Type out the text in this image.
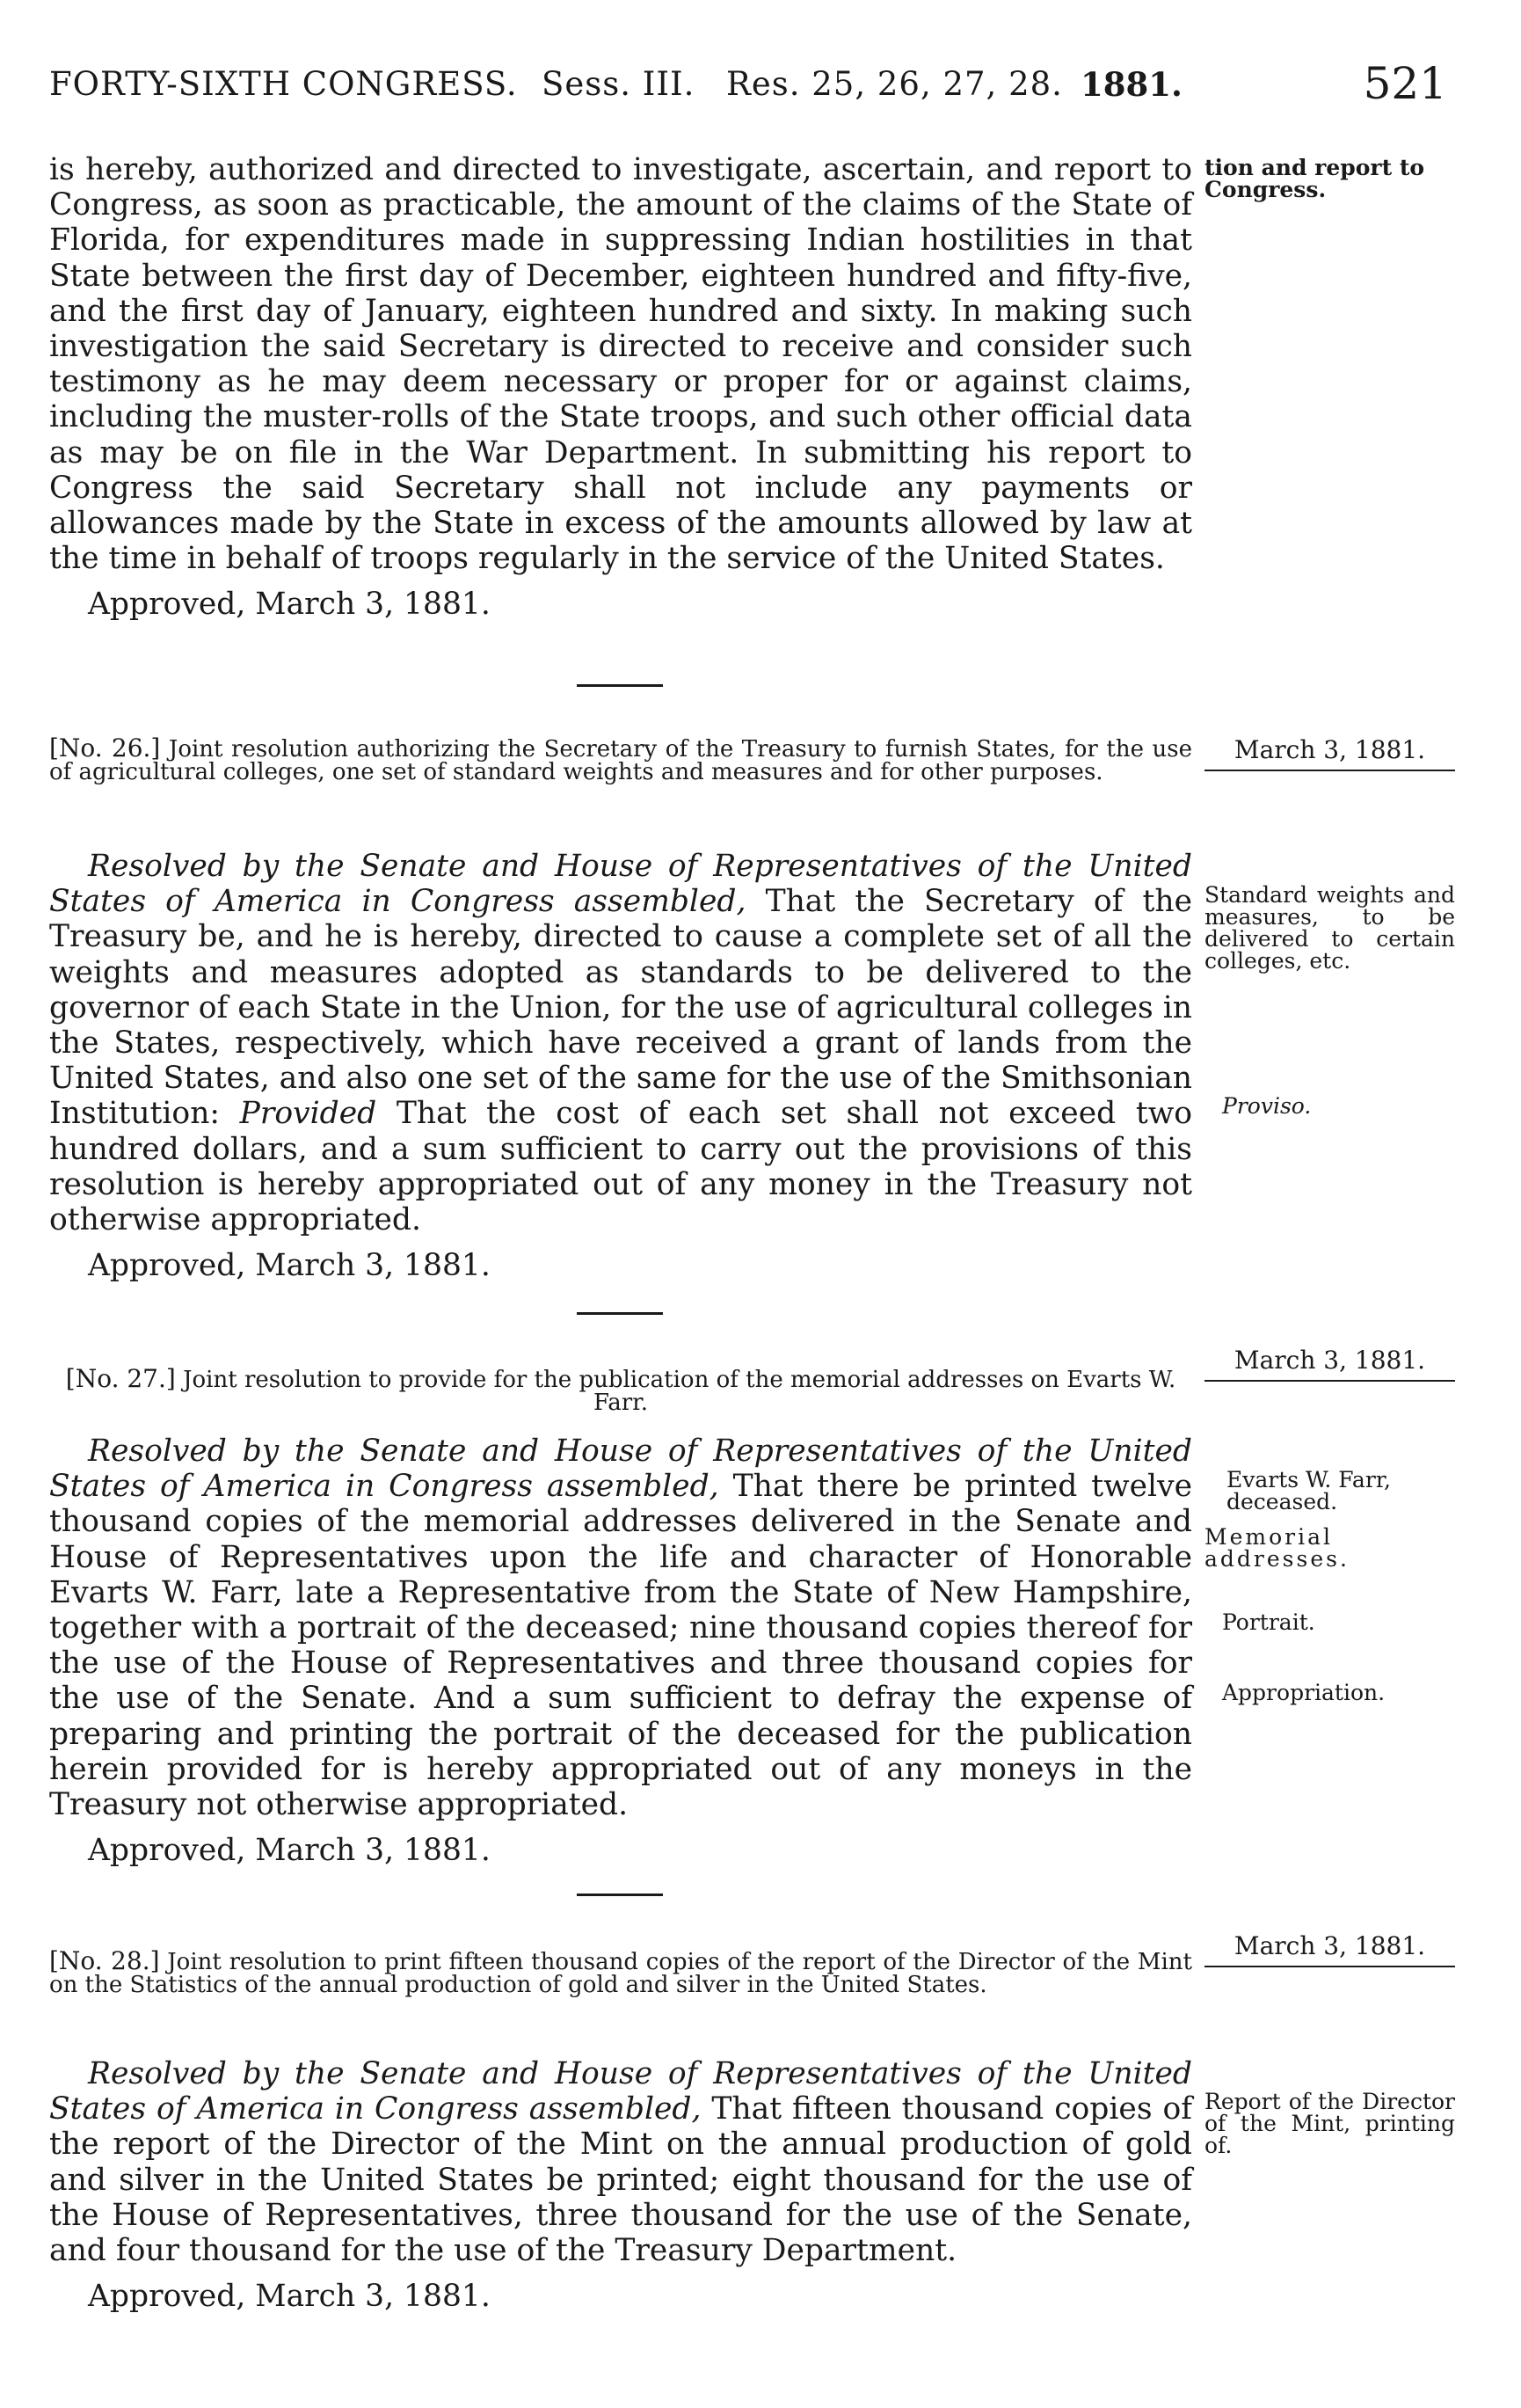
FORTY-SIXTH CONGRESS. Sess. III. Res. 25, 26, 27, 28. 1881.	521

is hereby, authorized and directed to investigate, ascertain, and report to Congress, as soon as practicable, the amount of the claims of the State of Florida, for expenditures made in suppressing Indian hostilities in that State between the first day of December, eighteen hundred and fifty-five, and the first day of January, eighteen hundred and sixty. In making such investigation the said Secretary is directed to receive and consider such testimony as he may deem necessary or proper for or against claims, including the muster-rolls of the State troops, and such other official data as may be on file in the War Department. In submitting his report to Congress the said Secretary shall not include any payments or allowances made by the State in excess of the amounts allowed by law at the time in behalf of troops regularly in the service of the United States.

Approved, March 3, 1881.

tion and report to Congress.

[No. 26.] Joint resolution authorizing the Secretary of the Treasury to furnish States, for the use of agricultural colleges, one set of standard weights and measures and for other purposes.

March 3, 1881.

Resolved by the Senate and House of Representatives of the United States of America in Congress assembled, That the Secretary of the Treasury be, and he is hereby, directed to cause a complete set of all the weights and measures adopted as standards to be delivered to the governor of each State in the Union, for the use of agricultural colleges in the States, respectively, which have received a grant of lands from the United States, and also one set of the same for the use of the Smithsonian Institution: Provided That the cost of each set shall not exceed two hundred dollars, and a sum sufficient to carry out the provisions of this resolution is hereby appropriated out of any money in the Treasury not otherwise appropriated.

Approved, March 3, 1881.

Standard weights and measures, to be delivered to certain colleges, etc.
Proviso.

[No. 27.] Joint resolution to provide for the publication of the memorial addresses on Evarts W. Farr.

March 3, 1881.

Resolved by the Senate and House of Representatives of the United States of America in Congress assembled, That there be printed twelve thousand copies of the memorial addresses delivered in the Senate and House of Representatives upon the life and character of Honorable Evarts W. Farr, late a Representative from the State of New Hampshire, together with a portrait of the deceased; nine thousand copies thereof for the use of the House of Representatives and three thousand copies for the use of the Senate. And a sum sufficient to defray the expense of preparing and printing the portrait of the deceased for the publication herein provided for is hereby appropriated out of any moneys in the Treasury not otherwise appropriated.

Approved, March 3, 1881.

Evarts W. Farr, deceased.
Memorial addresses.
Portrait.
Appropriation.

[No. 28.] Joint resolution to print fifteen thousand copies of the report of the Director of the Mint on the Statistics of the annual production of gold and silver in the United States.

March 3, 1881.

Resolved by the Senate and House of Representatives of the United States of America in Congress assembled, That fifteen thousand copies of the report of the Director of the Mint on the annual production of gold and silver in the United States be printed; eight thousand for the use of the House of Representatives, three thousand for the use of the Senate, and four thousand for the use of the Treasury Department.

Approved, March 3, 1881.

Report of the Director of the Mint, printing of.
